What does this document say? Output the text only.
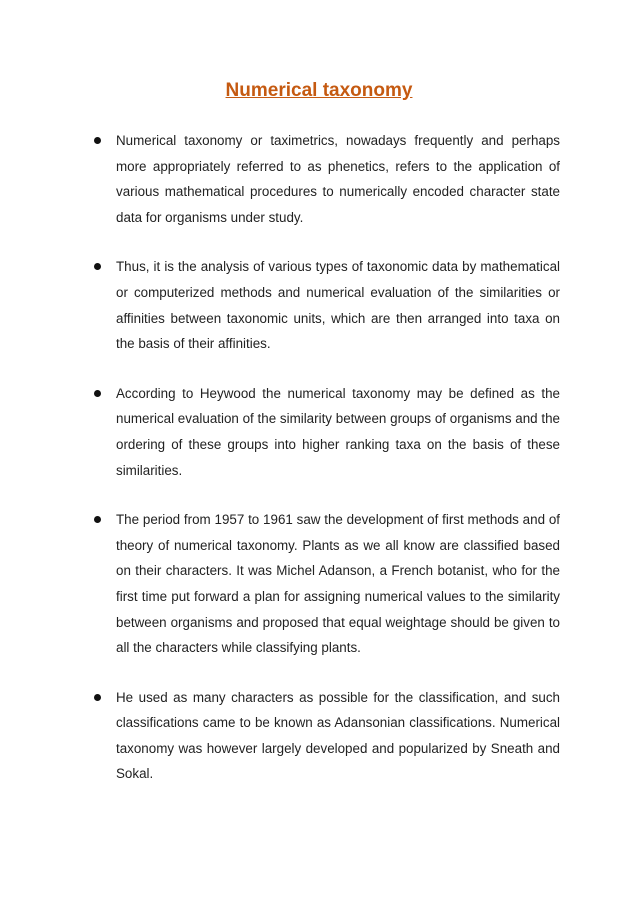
Numerical taxonomy
Numerical taxonomy or taximetrics, nowadays frequently and perhaps more appropriately referred to as phenetics, refers to the application of various mathematical procedures to numerically encoded character state data for organisms under study.
Thus, it is the analysis of various types of taxonomic data by mathematical or computerized methods and numerical evaluation of the similarities or affinities between taxonomic units, which are then arranged into taxa on the basis of their affinities.
According to Heywood the numerical taxonomy may be defined as the numerical evaluation of the similarity between groups of organisms and the ordering of these groups into higher ranking taxa on the basis of these similarities.
The period from 1957 to 1961 saw the development of first methods and of theory of numerical taxonomy. Plants as we all know are classified based on their characters. It was Michel Adanson, a French botanist, who for the first time put forward a plan for assigning numerical values to the similarity between organisms and proposed that equal weightage should be given to all the characters while classifying plants.
He used as many characters as possible for the classification, and such classifications came to be known as Adansonian classifications. Numerical taxonomy was however largely developed and popularized by Sneath and Sokal.
